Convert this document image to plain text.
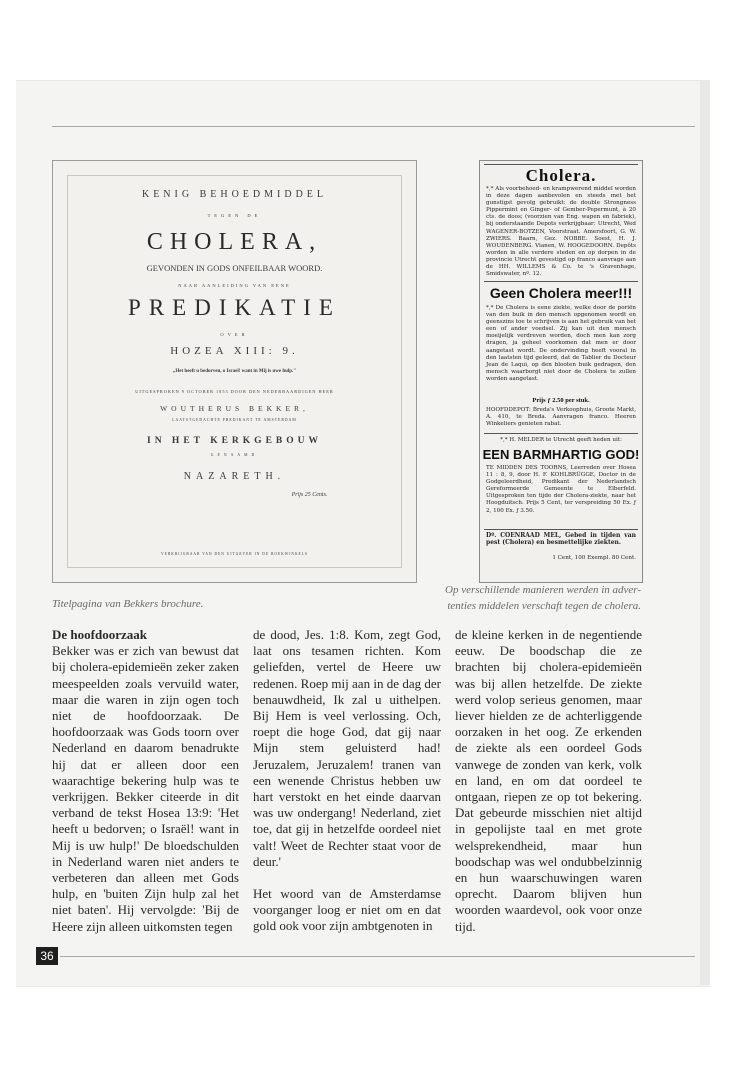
KENIG BEHOEDMIDDEL
TEGEN DE
CHOLERA,
GEVONDEN IN GODS ONFEILBAAR WOORD.
NAAR AANLEIDING VAN EENE
PREDIKATIE
OVER
HOZEA XIII: 9.
„Het heeft u bedorven, o Israel! want in Mij is uwe hulp."
UITGESPROKEN 9 OCTOBER 1853 DOOR DEN NEDERBAARDIGEN HEER
WOUTHERUS BEKKER,
LAATSTGEDACHTE PREDIKANT TE AMSTERDAM
IN HET KERKGEBOUW
GENAAMD
NAZARETH.
Prijs 25 Cents.
VERKRIJGBAAR VAN DEN UITGEVER IN DE BOEKWINKELS
Cholera.
*,* Als voorbehoed- en krampwerend middel worden in deze dagen aanbevolen en steeds met het gunstigst gevolg gebruikt: de double Strongness Pippermint en Ginger- of Gember-Pepermunt, à 20 cts. de doos; (voorzien van Eng. wapen en fabriek), bij onderstaande Depots verkrijgbaar: Utrecht, Wed WAGENER-BOTZEN, Voorstraat. Amersfoort, G. W. ZWIERS. Baarn, Gez. NOBBE. Soest, H. J. WOUDENBERG. Vianen, W. HOOGEDOORN. Depôts worden in alle verdere steden en op dorpen in de provincie Utrecht gevestigd op franco aanvrage aan de HH. WILLEMS & Co. te 's Gravenhage, Smidswater, nº. 12.
Geen Cholera meer!!!
*,* De Cholera is eene ziekte, welke door de poriën van den buik in den mensch opgenomen wordt en geenszins toe te schrijven is aan het gebruik van het een of ander voedsel. Zij kan uit den mensch moeijelijk verdreven worden, doch men kan zorg dragen, ja geheel voorkomen dat men er door aangetast wordt. De ondervinding heeft vooral in den laatsten tijd geleerd, dat de Tablier du Docteur Jean de Laqui, op den blooten buik gedragen, den mensch waarborgt niet door de Cholera te zullen worden aangetast.
Prijs ƒ 2.50 per stuk.
HOOFDDEPOT: Breda's Verkoophuis, Groote Markt, A. 410, te Breda. Aanvragen franco. Heeren Winkeliers genieten rabat.
*,* H. MELDER te Utrecht geeft heden uit:
EEN BARMHARTIG GOD!
TE MIDDEN DES TOORNS, Leerreden over Hosea 11 : 8, 9, door H. F. KOHLBRÜGGE, Doctor in de Godgeleerdheid, Predikant der Nederlandsch Gereformeerde Gemeente te Elberfeld. Uitgesproken ten tijde der Cholera-ziekte, naar het Hoogduitsch. Prijs 5 Cent, ter verspreiding 50 Ex. ƒ 2, 100 Ex. ƒ 3.50.
Dº. COENRAAD MEL, Gebed in tijden van pest (Cholera) en besmettelijke ziekten.
1 Cent, 100 Exempl. 80 Cent.
Titelpagina van Bekkers brochure.
Op verschillende manieren werden in adver-
tenties middelen verschaft tegen de cholera.
De hoofdoorzaak

Bekker was er zich van bewust dat bij cholera-epidemieën zeker zaken meespeelden zoals vervuild water, maar die waren in zijn ogen toch niet de hoofdoorzaak. De hoofdoorzaak was Gods toorn over Nederland en daarom benadrukte hij dat er alleen door een waarachtige bekering hulp was te verkrijgen. Bekker citeerde in dit verband de tekst Hosea 13:9: 'Het heeft u bedorven; o Israël! want in Mij is uw hulp!' De bloedschulden in Nederland waren niet anders te verbeteren dan alleen met Gods hulp, en 'buiten Zijn hulp zal het niet baten'. Hij vervolgde: 'Bij de Heere zijn alleen uitkomsten tegen

de dood, Jes. 1:8. Kom, zegt God, laat ons tesamen richten. Kom geliefden, vertel de Heere uw redenen. Roep mij aan in de dag der benauwdheid, Ik zal u uithelpen. Bij Hem is veel verlossing. Och, roept die hoge God, dat gij naar Mijn stem geluisterd had! Jeruzalem, Jeruzalem! tranen van een wenende Christus hebben uw hart verstokt en het einde daarvan was uw ondergang! Nederland, ziet toe, dat gij in hetzelfde oordeel niet valt! Weet de Rechter staat voor de deur.'

Het woord van de Amsterdamse voorganger loog er niet om en dat gold ook voor zijn ambtgenoten in

de kleine kerken in de negentiende eeuw. De boodschap die ze brachten bij cholera-epidemieën was bij allen hetzelfde. De ziekte werd volop serieus genomen, maar liever hielden ze de achterliggende oorzaken in het oog. Ze erkenden de ziekte als een oordeel Gods vanwege de zonden van kerk, volk en land, en om dat oordeel te ontgaan, riepen ze op tot bekering. Dat gebeurde misschien niet altijd in gepolijste taal en met grote welsprekendheid, maar hun boodschap was wel ondubbelzinnig en hun waarschuwingen waren oprecht. Daarom blijven hun woorden waardevol, ook voor onze tijd.

36
